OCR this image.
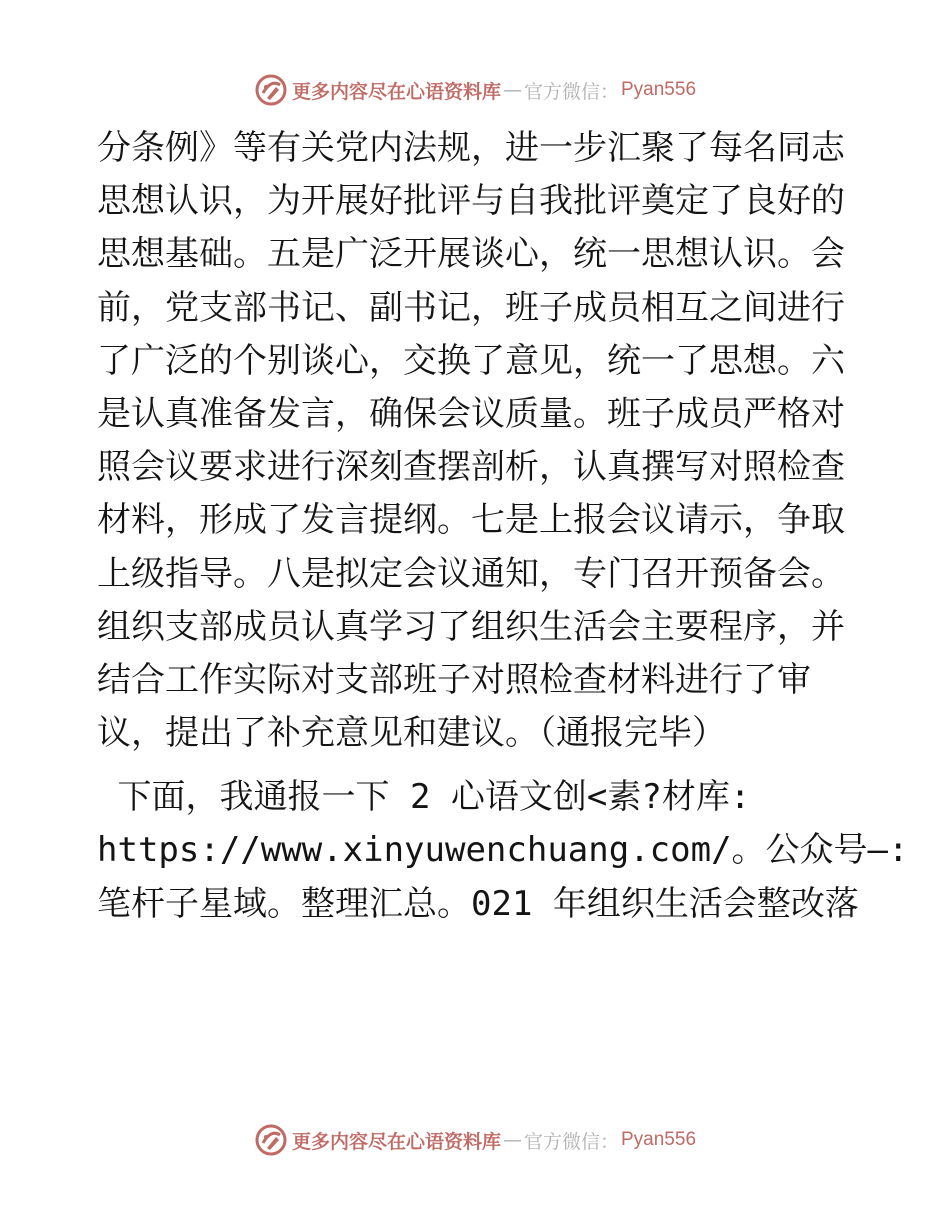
更多内容尽在心语资料库 — 官方微信： Pyan556
分条例》等有关党内法规，进一步汇聚了每名同志
思想认识，为开展好批评与自我批评奠定了良好的
思想基础。五是广泛开展谈心，统一思想认识。会
前，党支部书记、副书记，班子成员相互之间进行
了广泛的个别谈心，交换了意见，统一了思想。六
是认真准备发言，确保会议质量。班子成员严格对
照会议要求进行深刻查摆剖析，认真撰写对照检查
材料，形成了发言提纲。七是上报会议请示，争取
上级指导。八是拟定会议通知，专门召开预备会。
组织支部成员认真学习了组织生活会主要程序，并
结合工作实际对支部班子对照检查材料进行了审
议，提出了补充意见和建议。（通报完毕）
下面，我通报一下 2 心语文创<素?材库:
https://www.xinyuwenchuang.com/。公众号—:
笔杆子星域。整理汇总。021 年组织生活会整改落
更多内容尽在心语资料库 — 官方微信： Pyan556
